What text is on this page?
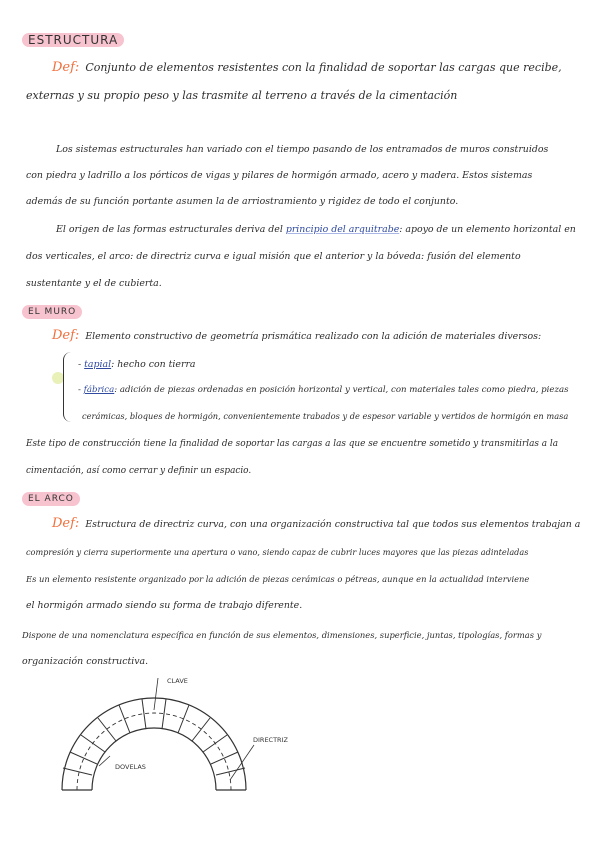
ESTRUCTURA
Def: Conjunto de elementos resistentes con la finalidad de soportar las cargas que recibe,
externas y su propio peso y las trasmite al terreno a través de la cimentación
Los sistemas estructurales han variado con el tiempo pasando de los entramados de muros construidos
con piedra y ladrillo a los pórticos de vigas y pilares de hormigón armado, acero y madera. Estos sistemas
además de su función portante asumen la de arriostramiento y rigidez de todo el conjunto.
El origen de las formas estructurales deriva del principio del arquitrabe: apoyo de un elemento horizontal en
dos verticales, el arco: de directriz curva e igual misión que el anterior y la bóveda: fusión del elemento
sustentante y el de cubierta.
EL MURO
Def: Elemento constructivo de geometría prismática realizado con la adición de materiales diversos:
- tapial: hecho con tierra
- fábrica: adición de piezas ordenadas en posición horizontal y vertical, con materiales tales como piedra, piezas
cerámicas, bloques de hormigón, convenientemente trabados y de espesor variable y vertidos de hormigón en masa
Este tipo de construcción tiene la finalidad de soportar las cargas a las que se encuentre sometido y transmitirlas a la
cimentación, así como cerrar y definir un espacio.
EL ARCO
Def: Estructura de directriz curva, con una organización constructiva tal que todos sus elementos trabajan a
compresión y cierra superiormente una apertura o vano, siendo capaz de cubrir luces mayores que las piezas adinteladas
Es un elemento resistente organizado por la adición de piezas cerámicas o pétreas, aunque en la actualidad interviene
el hormigón armado siendo su forma de trabajo diferente.
Dispone de una nomenclatura específica en función de sus elementos, dimensiones, superficie, juntas, tipologías, formas y
organización constructiva.
CLAVE
DIRECTRIZ
DOVELAS
